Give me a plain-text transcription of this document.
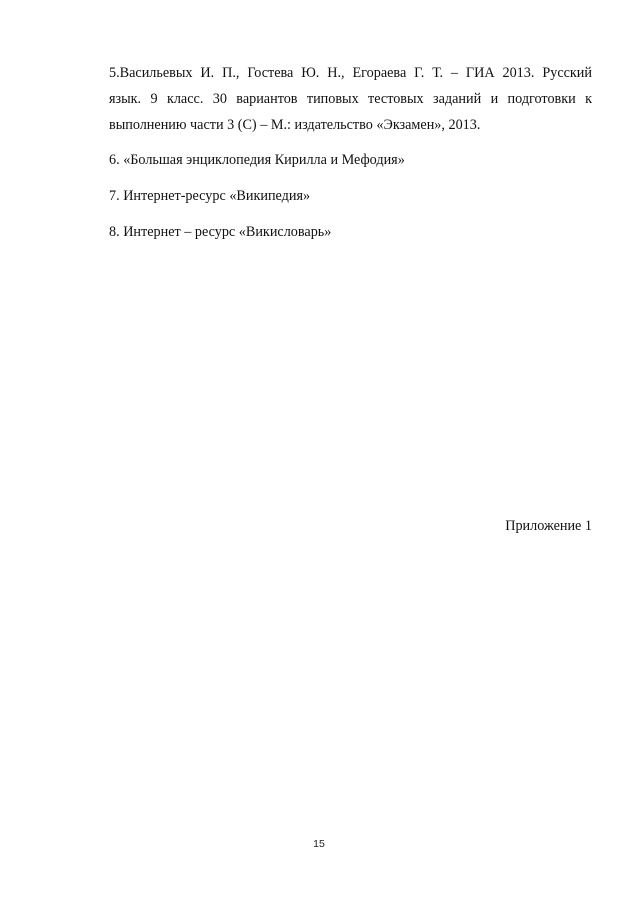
5.Васильевых И. П., Гостева Ю. Н., Егораева Г. Т. – ГИА 2013. Русский
язык. 9 класс. 30 вариантов типовых тестовых заданий и подготовки к
выполнению части 3 (С) – М.: издательство «Экзамен», 2013.

6. «Большая энциклопедия Кирилла и Мефодия»

7. Интернет-ресурс «Википедия»

8. Интернет – ресурс «Викисловарь»

Приложение 1

15
